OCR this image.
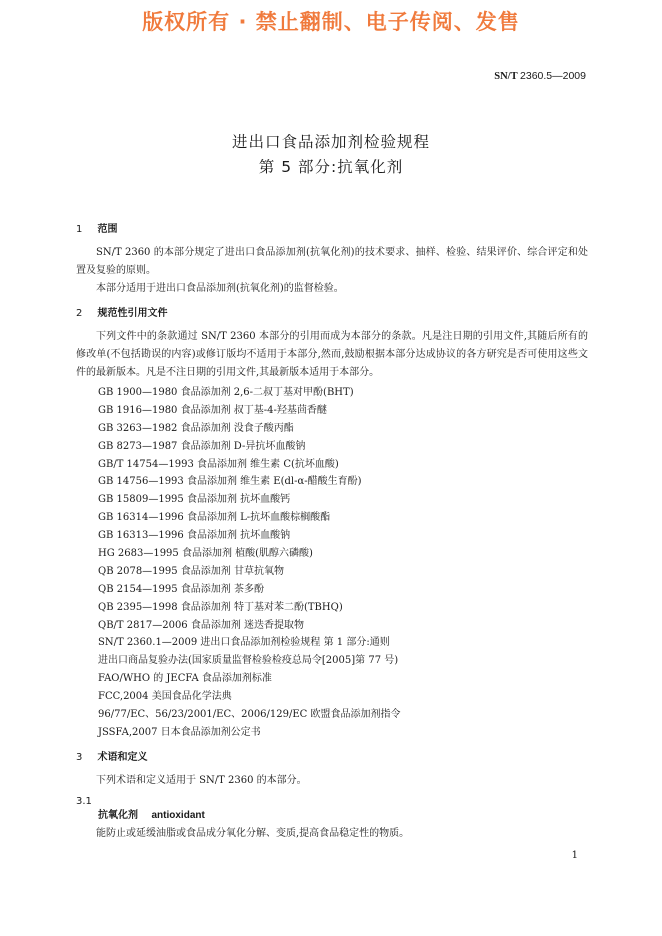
版权所有 · 禁止翻制、电子传阅、发售
SN/T 2360.5—2009
进出口食品添加剂检验规程
第 5 部分:抗氧化剂
1 范围

SN/T 2360 的本部分规定了进出口食品添加剂(抗氧化剂)的技术要求、抽样、检验、结果评价、综合评定和处置及复验的原则。

本部分适用于进出口食品添加剂(抗氧化剂)的监督检验。

2 规范性引用文件

下列文件中的条款通过 SN/T 2360 本部分的引用而成为本部分的条款。凡是注日期的引用文件,其随后所有的修改单(不包括勘误的内容)或修订版均不适用于本部分,然而,鼓励根据本部分达成协议的各方研究是否可使用这些文件的最新版本。凡是不注日期的引用文件,其最新版本适用于本部分。

GB 1900—1980 食品添加剂 2,6-二叔丁基对甲酚(BHT)
GB 1916—1980 食品添加剂 叔丁基-4-羟基茴香醚
GB 3263—1982 食品添加剂 没食子酸丙酯
GB 8273—1987 食品添加剂 D-异抗坏血酸钠
GB/T 14754—1993 食品添加剂 维生素 C(抗坏血酸)
GB 14756—1993 食品添加剂 维生素 E(dl-α-醋酸生育酚)
GB 15809—1995 食品添加剂 抗坏血酸钙
GB 16314—1996 食品添加剂 L-抗坏血酸棕榈酸酯
GB 16313—1996 食品添加剂 抗坏血酸钠
HG 2683—1995 食品添加剂 植酸(肌醇六磷酸)
QB 2078—1995 食品添加剂 甘草抗氧物
QB 2154—1995 食品添加剂 茶多酚
QB 2395—1998 食品添加剂 特丁基对苯二酚(TBHQ)
QB/T 2817—2006 食品添加剂 迷迭香提取物
SN/T 2360.1—2009 进出口食品添加剂检验规程 第 1 部分:通则
进出口商品复验办法(国家质量监督检验检疫总局令[2005]第 77 号)
FAO/WHO 的 JECFA 食品添加剂标准
FCC,2004 美国食品化学法典
96/77/EC、56/23/2001/EC、2006/129/EC 欧盟食品添加剂指令
JSSFA,2007 日本食品添加剂公定书
3 术语和定义

下列术语和定义适用于 SN/T 2360 的本部分。

3.1
抗氧化剂 antioxidant

能防止或延缓油脂或食品成分氧化分解、变质,提高食品稳定性的物质。

1
